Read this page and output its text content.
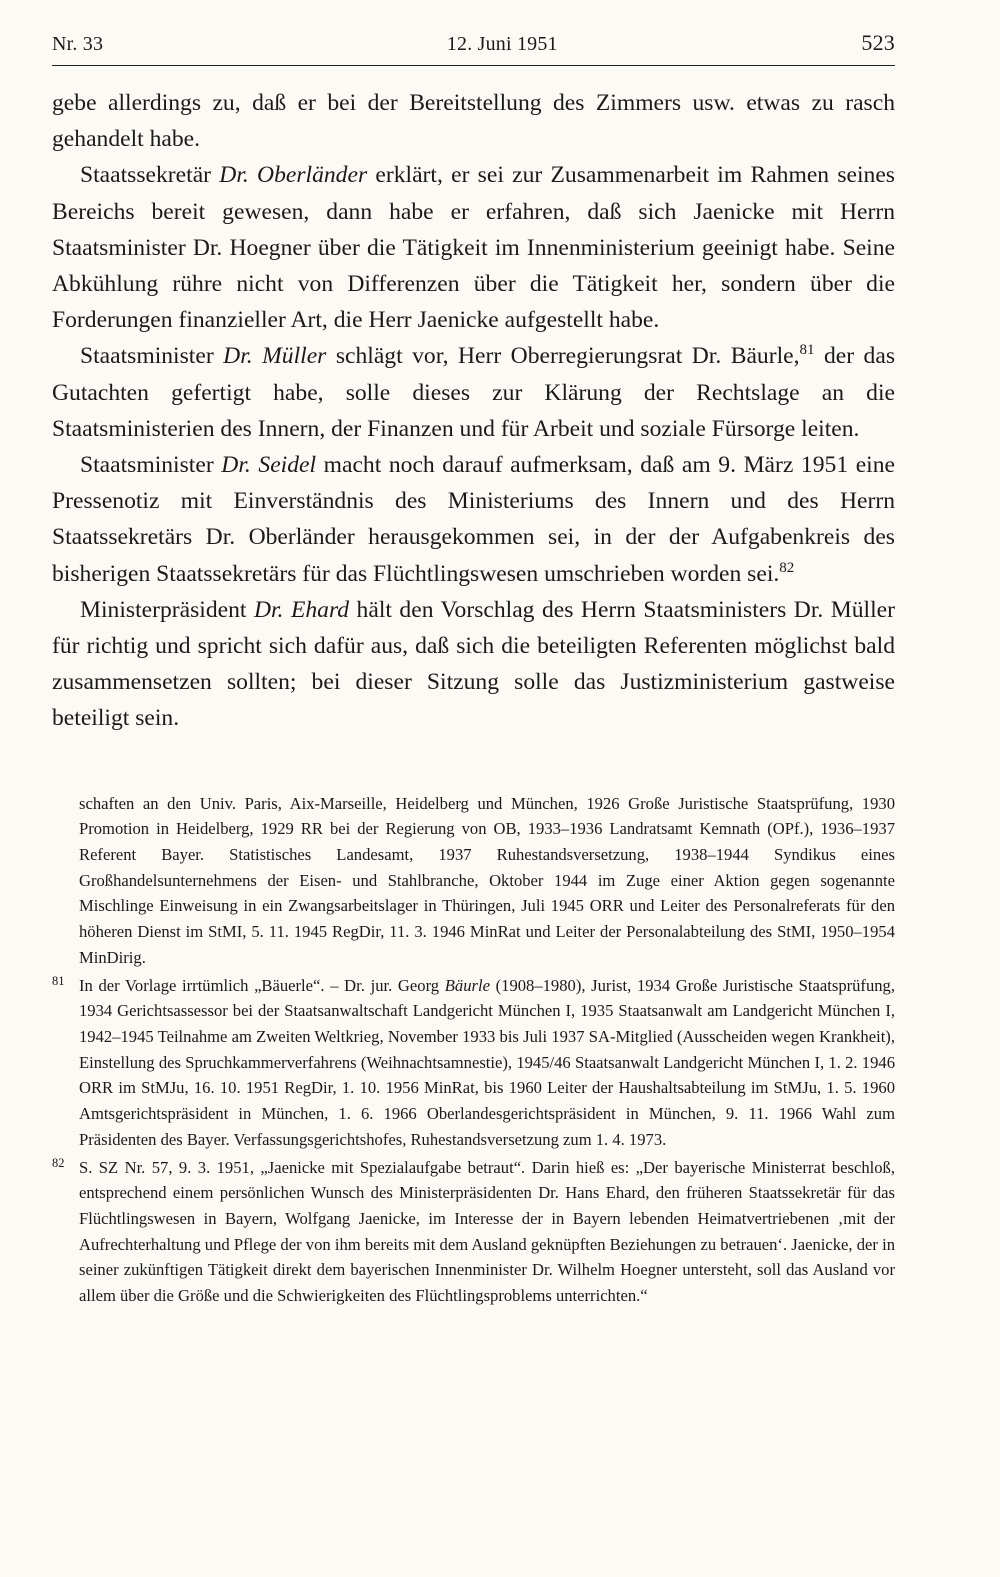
Nr. 33	12. Juni 1951	523

gebe allerdings zu, daß er bei der Bereitstellung des Zimmers usw. etwas zu rasch gehandelt habe.

Staatssekretär Dr. Oberländer erklärt, er sei zur Zusammenarbeit im Rahmen seines Bereichs bereit gewesen, dann habe er erfahren, daß sich Jaenicke mit Herrn Staatsminister Dr. Hoegner über die Tätigkeit im Innenministerium geeinigt habe. Seine Abkühlung rühre nicht von Differenzen über die Tätigkeit her, sondern über die Forderungen finanzieller Art, die Herr Jaenicke aufgestellt habe.

Staatsminister Dr. Müller schlägt vor, Herr Oberregierungsrat Dr. Bäurle,$^{81}$ der das Gutachten gefertigt habe, solle dieses zur Klärung der Rechtslage an die Staatsministerien des Innern, der Finanzen und für Arbeit und soziale Fürsorge leiten.

Staatsminister Dr. Seidel macht noch darauf aufmerksam, daß am 9. März 1951 eine Pressenotiz mit Einverständnis des Ministeriums des Innern und des Herrn Staatssekretärs Dr. Oberländer herausgekommen sei, in der der Aufgabenkreis des bisherigen Staatssekretärs für das Flüchtlingswesen umschrieben worden sei.$^{82}$

Ministerpräsident Dr. Ehard hält den Vorschlag des Herrn Staatsministers Dr. Müller für richtig und spricht sich dafür aus, daß sich die beteiligten Referenten möglichst bald zusammensetzen sollten; bei dieser Sitzung solle das Justizministerium gastweise beteiligt sein.

schaften an den Univ. Paris, Aix-Marseille, Heidelberg und München, 1926 Große Juristische Staatsprüfung, 1930 Promotion in Heidelberg, 1929 RR bei der Regierung von OB, 1933–1936 Landratsamt Kemnath (OPf.), 1936–1937 Referent Bayer. Statistisches Landesamt, 1937 Ruhestandsversetzung, 1938–1944 Syndikus eines Großhandelsunternehmens der Eisen- und Stahlbranche, Oktober 1944 im Zuge einer Aktion gegen sogenannte Mischlinge Einweisung in ein Zwangsarbeitslager in Thüringen, Juli 1945 ORR und Leiter des Personalreferats für den höheren Dienst im StMI, 5. 11. 1945 RegDir, 11. 3. 1946 MinRat und Leiter der Personalabteilung des StMI, 1950–1954 MinDirig.
81 In der Vorlage irrtümlich „Bäuerle“. – Dr. jur. Georg Bäurle (1908–1980), Jurist, 1934 Große Juristische Staatsprüfung, 1934 Gerichtsassessor bei der Staatsanwaltschaft Landgericht München I, 1935 Staatsanwalt am Landgericht München I, 1942–1945 Teilnahme am Zweiten Weltkrieg, November 1933 bis Juli 1937 SA-Mitglied (Ausscheiden wegen Krankheit), Einstellung des Spruchkammerverfahrens (Weihnachtsamnestie), 1945/46 Staatsanwalt Landgericht München I, 1. 2. 1946 ORR im StMJu, 16. 10. 1951 RegDir, 1. 10. 1956 MinRat, bis 1960 Leiter der Haushaltsabteilung im StMJu, 1. 5. 1960 Amtsgerichtspräsident in München, 1. 6. 1966 Oberlandesgerichtspräsident in München, 9. 11. 1966 Wahl zum Präsidenten des Bayer. Verfassungsgerichtshofes, Ruhestandsversetzung zum 1. 4. 1973.
82 S. SZ Nr. 57, 9. 3. 1951, „Jaenicke mit Spezialaufgabe betraut“. Darin hieß es: „Der bayerische Ministerrat beschloß, entsprechend einem persönlichen Wunsch des Ministerpräsidenten Dr. Hans Ehard, den früheren Staatssekretär für das Flüchtlingswesen in Bayern, Wolfgang Jaenicke, im Interesse der in Bayern lebenden Heimatvertriebenen ‚mit der Aufrechterhaltung und Pflege der von ihm bereits mit dem Ausland geknüpften Beziehungen zu betrauen‘. Jaenicke, der in seiner zukünftigen Tätigkeit direkt dem bayerischen Innenminister Dr. Wilhelm Hoegner untersteht, soll das Ausland vor allem über die Größe und die Schwierigkeiten des Flüchtlingsproblems unterrichten.“
